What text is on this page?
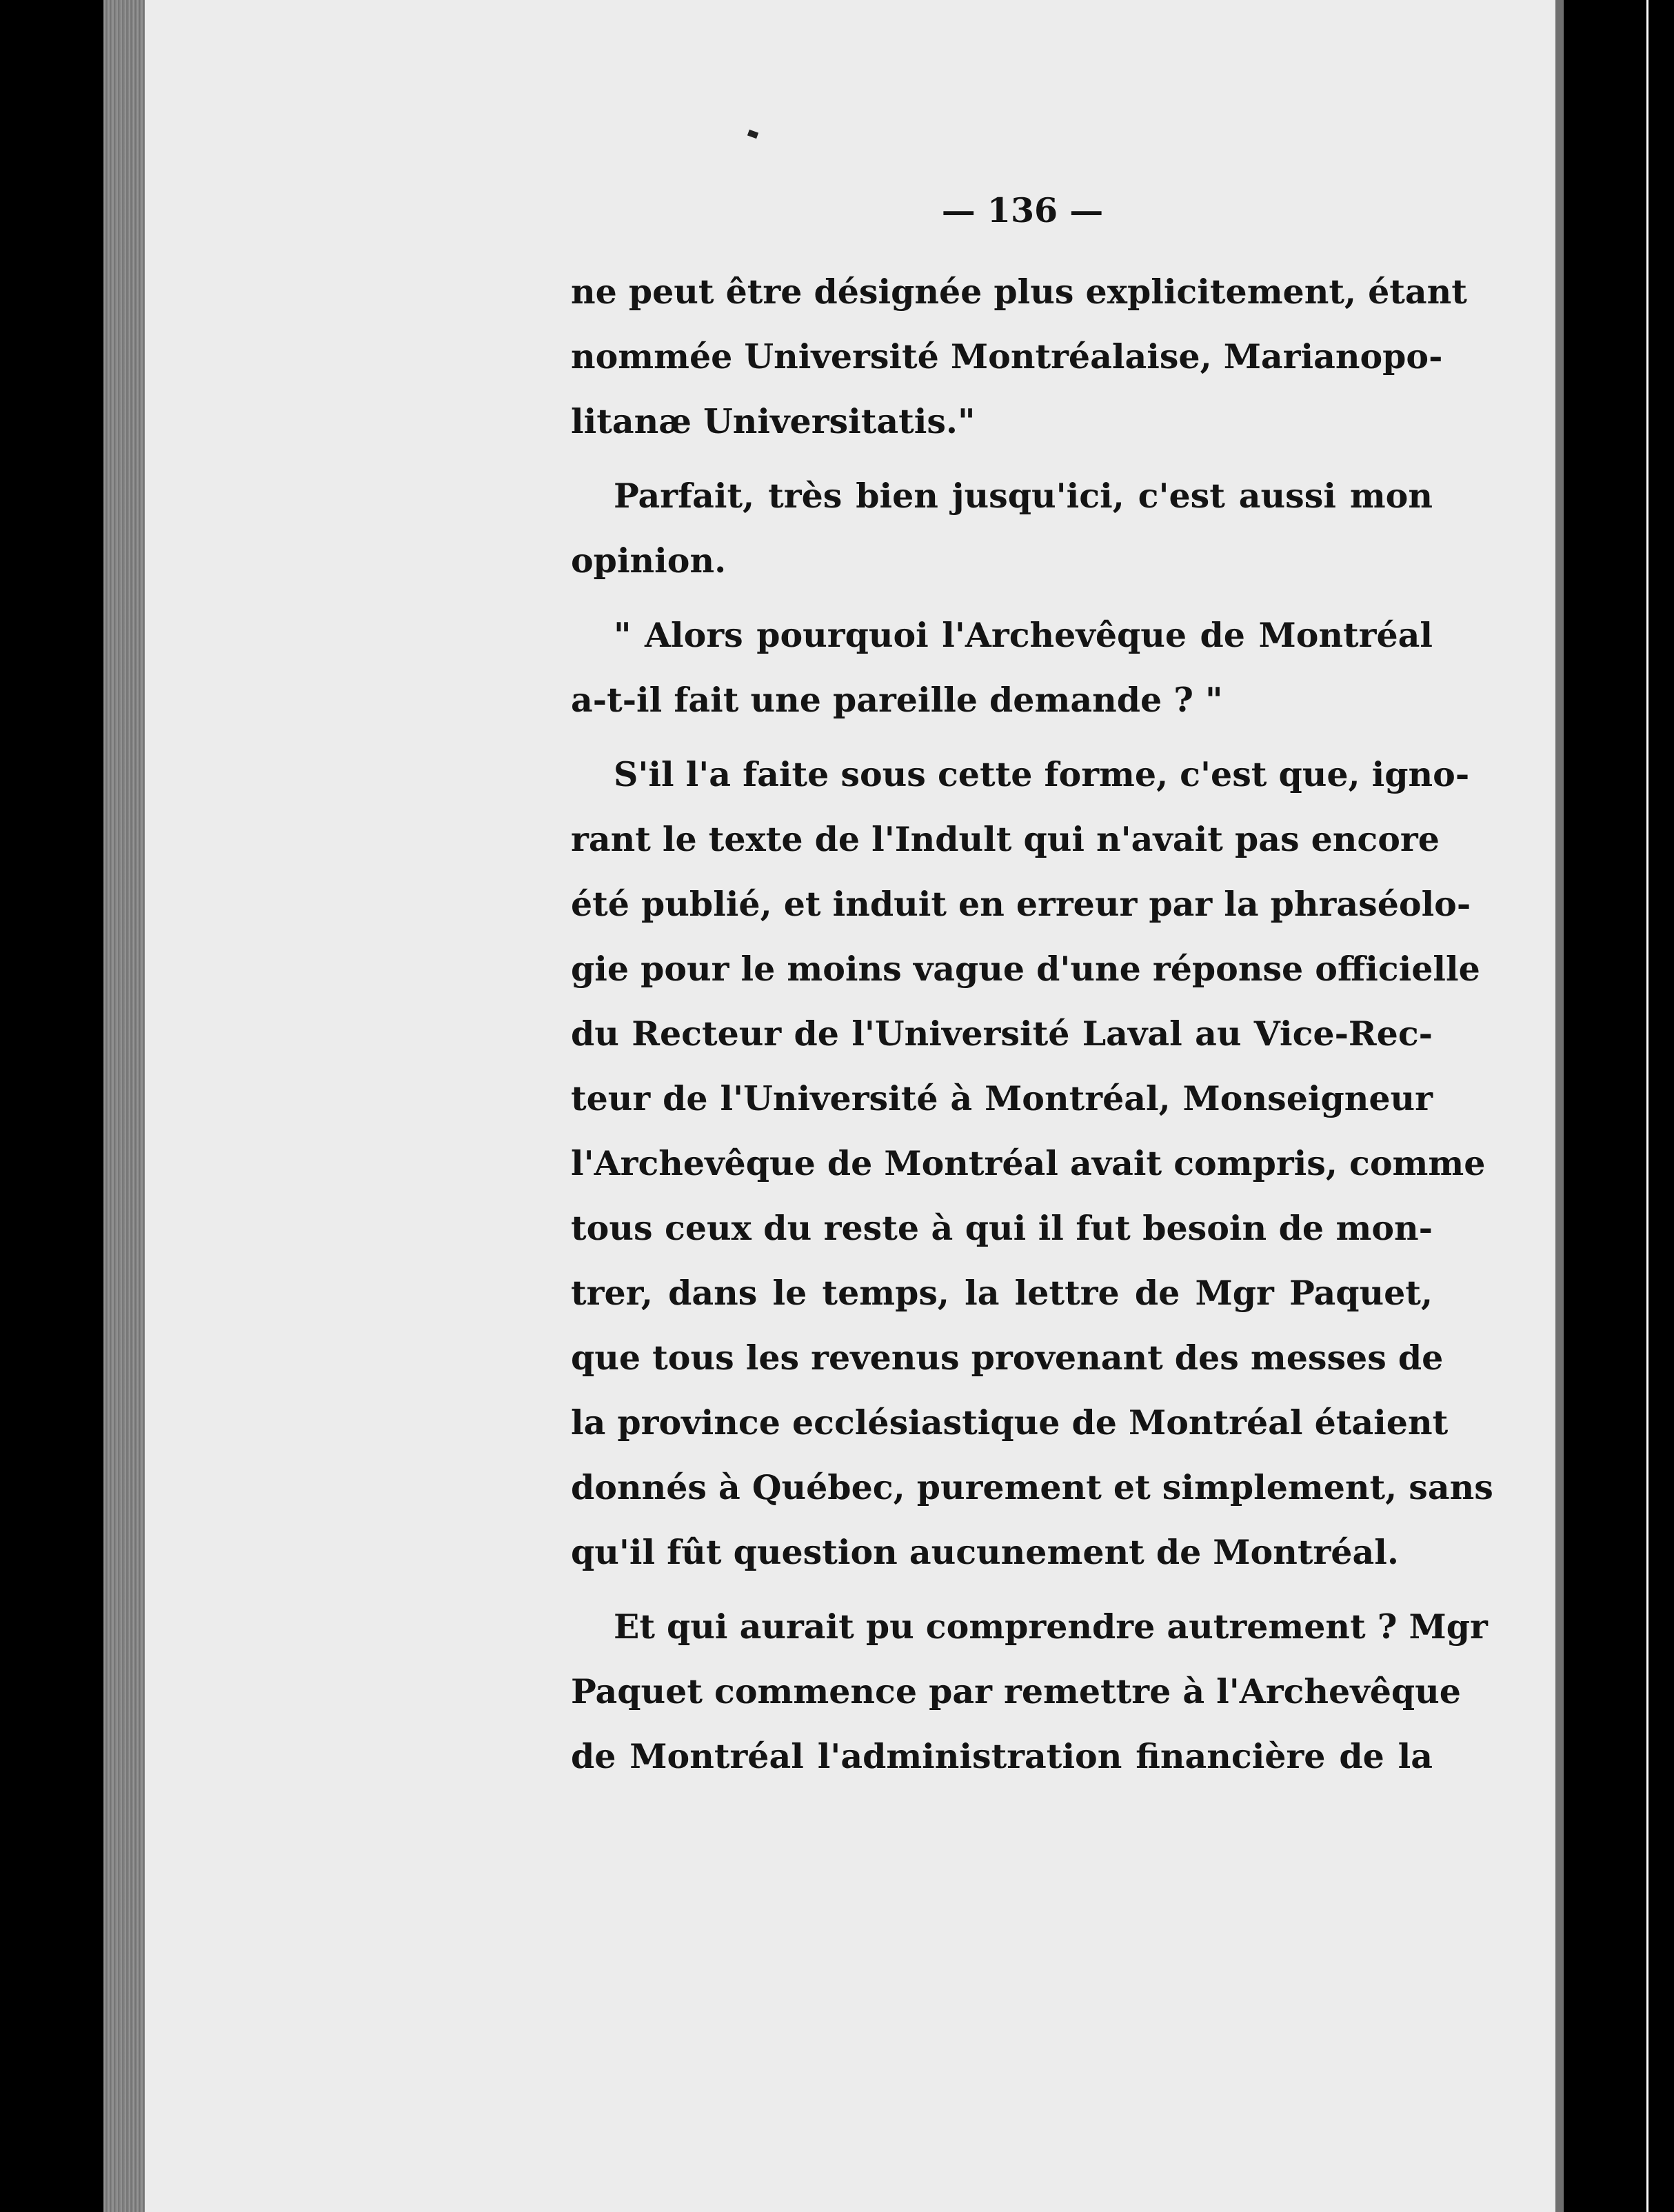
— 136 —
ne peut être désignée plus explicitement, étant
nommée Université Montréalaise, Marianopo-
litanæ Universitatis."
Parfait, très bien jusqu'ici, c'est aussi mon
opinion.
" Alors pourquoi l'Archevêque de Montréal
a-t-il fait une pareille demande ? "
S'il l'a faite sous cette forme, c'est que, igno-
rant le texte de l'Indult qui n'avait pas encore
été publié, et induit en erreur par la phraséolo-
gie pour le moins vague d'une réponse officielle
du Recteur de l'Université Laval au Vice-Rec-
teur de l'Université à Montréal, Monseigneur
l'Archevêque de Montréal avait compris, comme
tous ceux du reste à qui il fut besoin de mon-
trer, dans le temps, la lettre de Mgr Paquet,
que tous les revenus provenant des messes de
la province ecclésiastique de Montréal étaient
donnés à Québec, purement et simplement, sans
qu'il fût question aucunement de Montréal.
Et qui aurait pu comprendre autrement ? Mgr
Paquet commence par remettre à l'Archevêque
de Montréal l'administration financière de la
